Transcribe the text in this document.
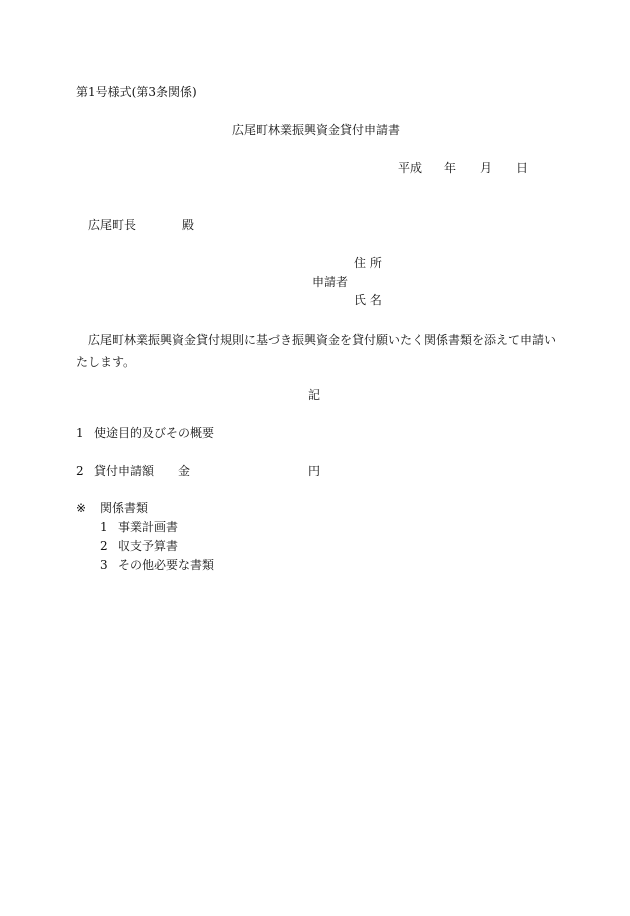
第1号様式(第3条関係)
広尾町林業振興資金貸付申請書
平成 年 月 日
広尾町長	殿
住 所
申請者
氏 名
広尾町林業振興資金貸付規則に基づき振興資金を貸付願いたく関係書類を添えて申請いたします。
記
1 使途目的及びその概要
2 貸付申請額 金	円
※ 関係書類
1 事業計画書
2 収支予算書
3 その他必要な書類
